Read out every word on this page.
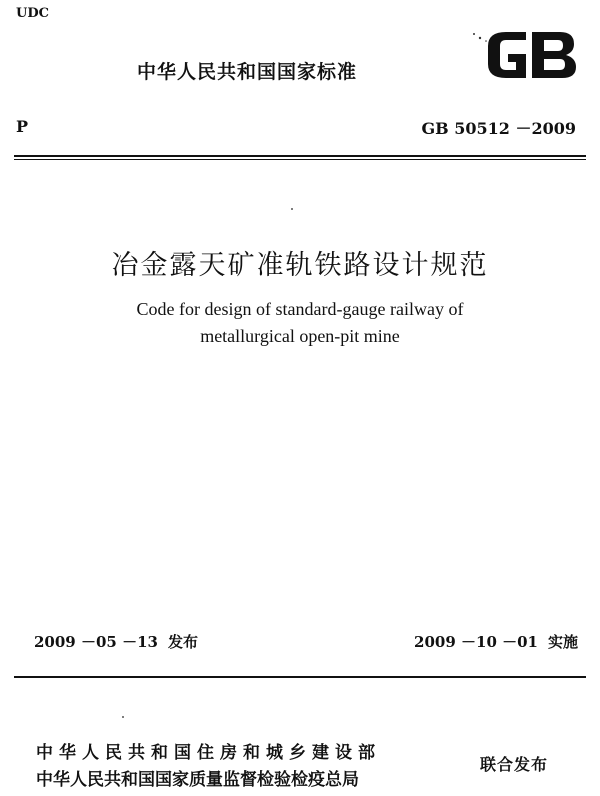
UDC
中华人民共和国国家标准
P	GB 50512 －2009
冶金露天矿准轨铁路设计规范
Code for design of standard-gauge railway of
metallurgical open-pit mine
2009 －05 －13 发布	2009 －10 －01 实施
中华人民共和国住房和城乡建设部
中华人民共和国国家质量监督检验检疫总局
联合发布
